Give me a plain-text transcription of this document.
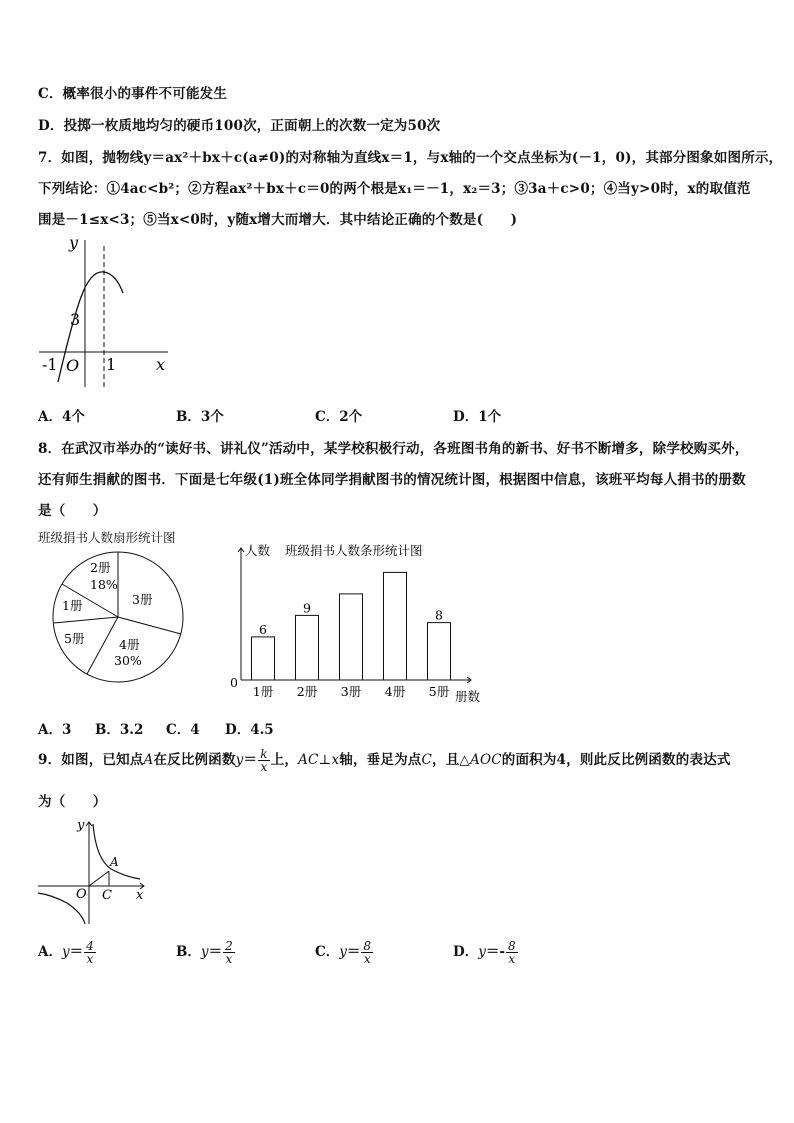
C．概率很小的事件不可能发生
D．投掷一枚质地均匀的硬币100次，正面朝上的次数一定为50次
7．如图，抛物线y＝ax²＋bx＋c(a≠0)的对称轴为直线x＝1，与x轴的一个交点坐标为(－1，0)，其部分图象如图所示，
下列结论：①4ac<b²；②方程ax²＋bx＋c＝0的两个根是x₁＝－1，x₂＝3；③3a＋c>0；④当y>0时，x的取值范
围是－1≤x<3；⑤当x<0时，y随x增大而增大．其中结论正确的个数是(　　)
y
x
3
-1 O 1
A．4个	B．3个	C．2个	D．1个
8．在武汉市举办的“读好书、讲礼仪”活动中，某学校积极行动，各班图书角的新书、好书不断增多，除学校购买外，
还有师生捐献的图书．下面是七年级(1)班全体同学捐献图书的情况统计图，根据图中信息，该班平均每人捐书的册数
是（　　）
班级捐书人数扇形统计图
2册
18%
3册
4册
30%
5册
1册
人数 班级捐书人数条形统计图
0
册数
1册
6
2册
9
3册 4册 5册
8
A．3 B．3.2 C．4 D．4.5
9．如图，已知点A在反比例函数$y= \frac{k}{x}$ 上，AC⊥x轴，垂足为点C，且△AOC的面积为4，则此反比例函数的表达式
为（　　）
y
x
O C
A
A．$y= \frac{4}{x}$	B．$y= \frac{2}{x}$	C．$y= \frac{8}{x}$	D．$y=- \frac{8}{x}$
